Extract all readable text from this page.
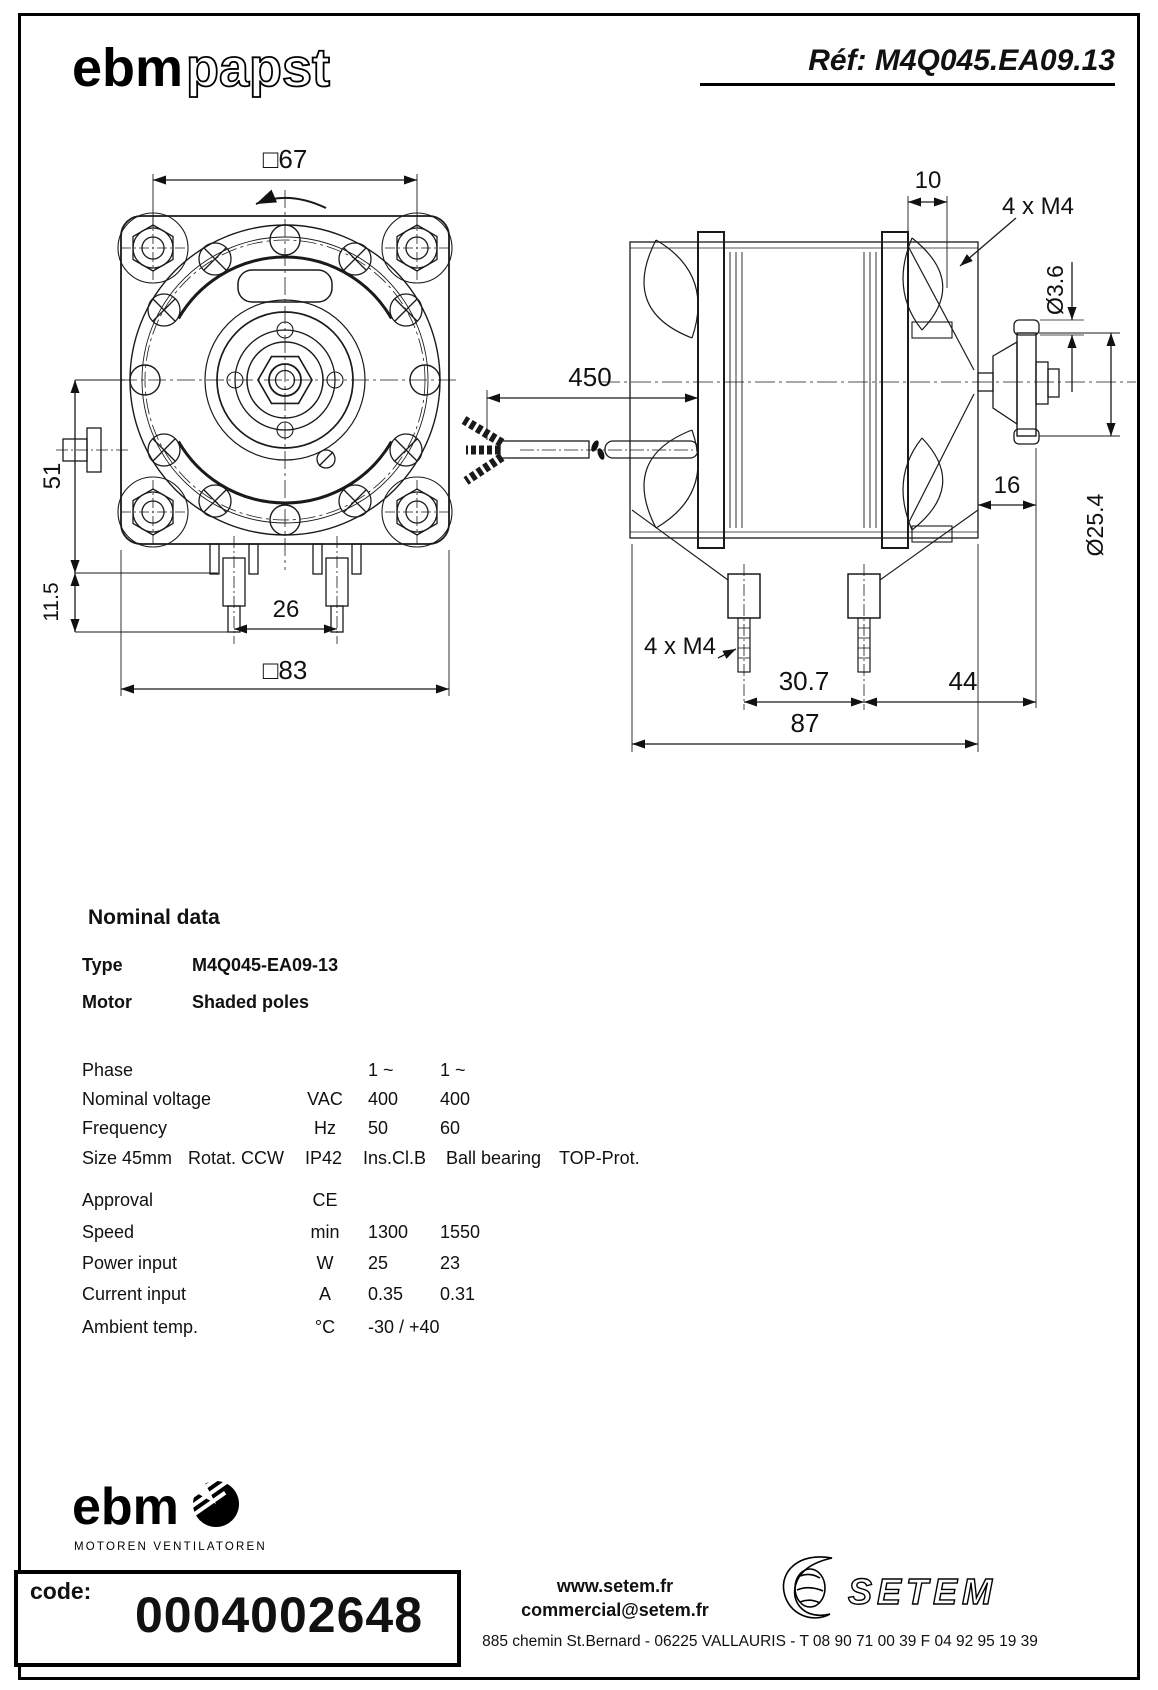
ebm papst	Réf: M4Q045.EA09.13
□67
26
□83
51
11.5
10
4 x M4
Ø3.6
Ø25.4
450
16
4 x M4
30.7	44
87
Nominal data
Type	M4Q045-EA09-13
Motor	Shaded poles
Phase	1 ~	1 ~
Nominal voltage	VAC	400 400
Frequency	Hz	50	60
Size 45mm Rotat. CCW IP42 Ins.Cl.B Ball bearing TOP-Prot.
Approval	CE
Speed	min	1300 1550
Power input	W	25	23
Current input	A	0.35 0.31
Ambient temp.	°C	-30 / +40
ebm
MOTOREN VENTILATOREN
code: 0004002648
www.setem.fr
commercial@setem.fr	SETEM
885 chemin St.Bernard - 06225 VALLAURIS - T 08 90 71 00 39 F 04 92 95 19 39
